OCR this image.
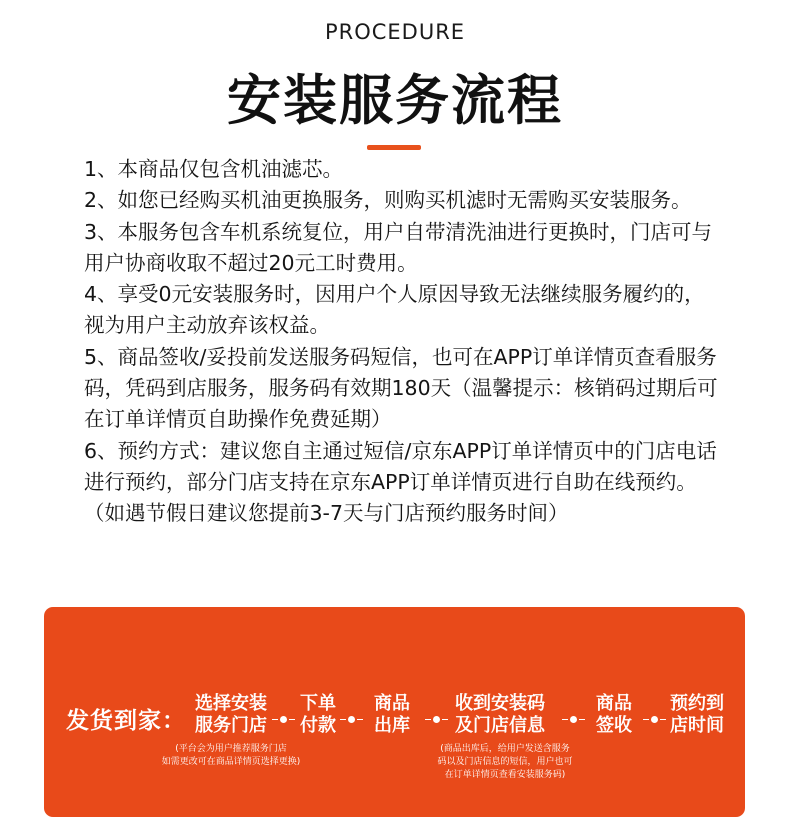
PROCEDURE
安装服务流程

1、本商品仅包含机油滤芯。

2、如您已经购买机油更换服务，则购买机滤时无需购买安装服务。

3、本服务包含车机系统复位，用户自带清洗油进行更换时，门店可与用户协商收取不超过20元工时费用。

4、享受0元安装服务时，因用户个人原因导致无法继续服务履约的，视为用户主动放弃该权益。

5、商品签收/妥投前发送服务码短信，也可在APP订单详情页查看服务码，凭码到店服务，服务码有效期180天（温馨提示：核销码过期后可在订单详情页自助操作免费延期）

6、预约方式：建议您自主通过短信/京东APP订单详情页中的门店电话进行预约，部分门店支持在京东APP订单详情页进行自助在线预约。（如遇节假日建议您提前3-7天与门店预约服务时间）

发货到家：
选择安装
服务门店
下单
付款
商品
出库
收到安装码
及门店信息
商品
签收
预约到
店时间
(平台会为用户推荐服务门店
如需更改可在商品详情页选择更换)
(商品出库后，给用户发送含服务
码以及门店信息的短信，用户也可
在订单详情页查看安装服务码)
